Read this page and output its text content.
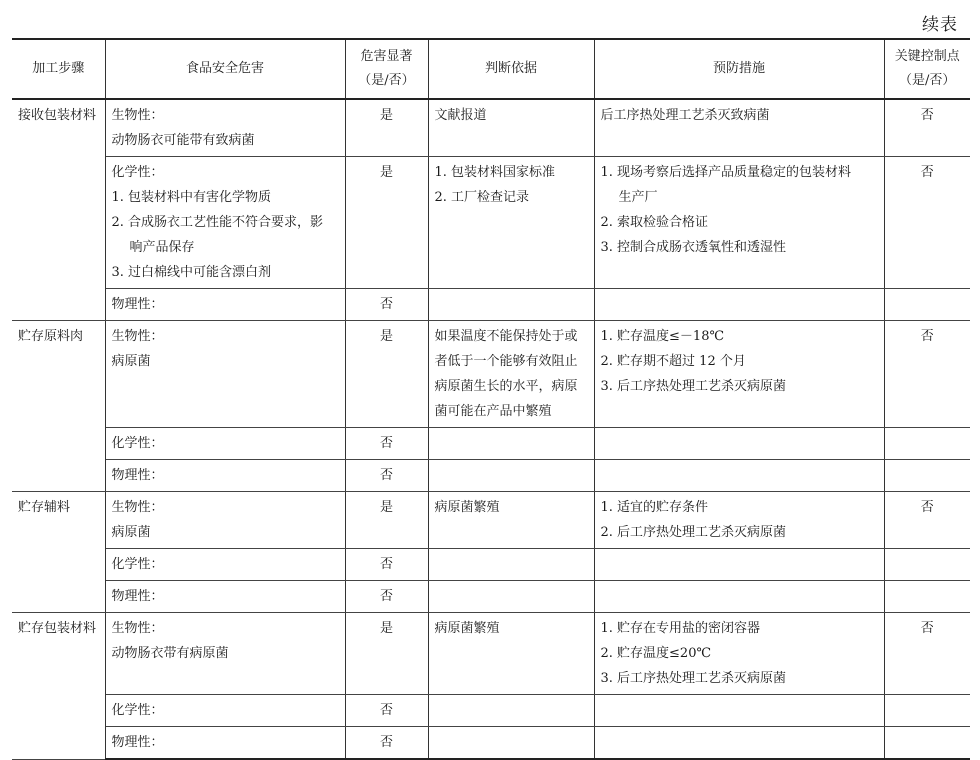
续表
加工步骤	食品安全危害	危害显著（是/否）	判断依据	预防措施	关键控制点（是/否）
接收包装材料	生物性：
动物肠衣可能带有致病菌	是	文献报道	后工序热处理工艺杀灭致病菌	否

	化学性：
1. 包装材料中有害化学物质
2. 合成肠衣工艺性能不符合要求，影
响产品保存
3. 过白棉线中可能含漂白剂	是	1. 包装材料国家标准
2. 工厂检查记录	1. 现场考察后选择产品质量稳定的包装材料
生产厂
2. 索取检验合格证
3. 控制合成肠衣透氧性和透湿性	否
	物理性：	否			
贮存原料肉	生物性：
病原菌	是	如果温度不能保持处于或
者低于一个能够有效阻止
病原菌生长的水平，病原
菌可能在产品中繁殖	1. 贮存温度≤－18℃
2. 贮存期不超过 12 个月
3. 后工序热处理工艺杀灭病原菌	否
	化学性：	否			
	物理性：	否			
贮存辅料	生物性：
病原菌	是	病原菌繁殖	1. 适宜的贮存条件
2. 后工序热处理工艺杀灭病原菌	否
	化学性：	否			
	物理性：	否			
贮存包装材料	生物性：
动物肠衣带有病原菌	是	病原菌繁殖	1. 贮存在专用盐的密闭容器
2. 贮存温度≤20℃
3. 后工序热处理工艺杀灭病原菌	否
	化学性：	否			
	物理性：	否			
